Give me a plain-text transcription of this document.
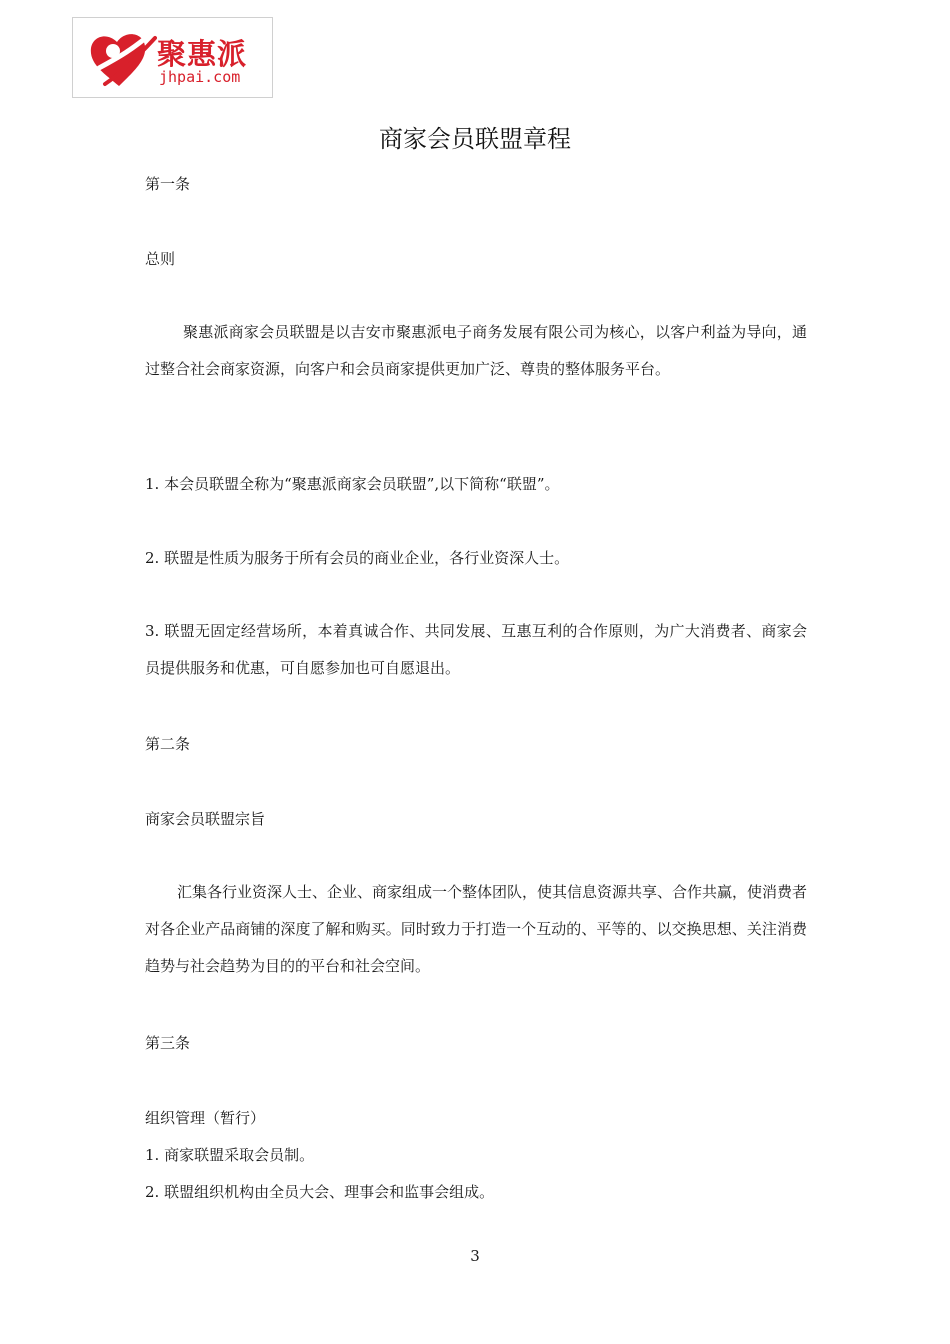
聚惠派
jhpai.com
商家会员联盟章程
第一条
总则

聚惠派商家会员联盟是以吉安市聚惠派电子商务发展有限公司为核心，以客户利益为导向，通过整合社会商家资源，向客户和会员商家提供更加广泛、尊贵的整体服务平台。

1. 本会员联盟全称为“聚惠派商家会员联盟”,以下简称“联盟”。
2. 联盟是性质为服务于所有会员的商业企业，各行业资深人士。

3. 联盟无固定经营场所，本着真诚合作、共同发展、互惠互利的合作原则，为广大消费者、商家会员提供服务和优惠，可自愿参加也可自愿退出。

第二条
商家会员联盟宗旨

汇集各行业资深人士、企业、商家组成一个整体团队，使其信息资源共享、合作共赢，使消费者对各企业产品商铺的深度了解和购买。同时致力于打造一个互动的、平等的、以交换思想、关注消费趋势与社会趋势为目的的平台和社会空间。

第三条
组织管理（暂行）
1. 商家联盟采取会员制。
2. 联盟组织机构由全员大会、理事会和监事会组成。
3
